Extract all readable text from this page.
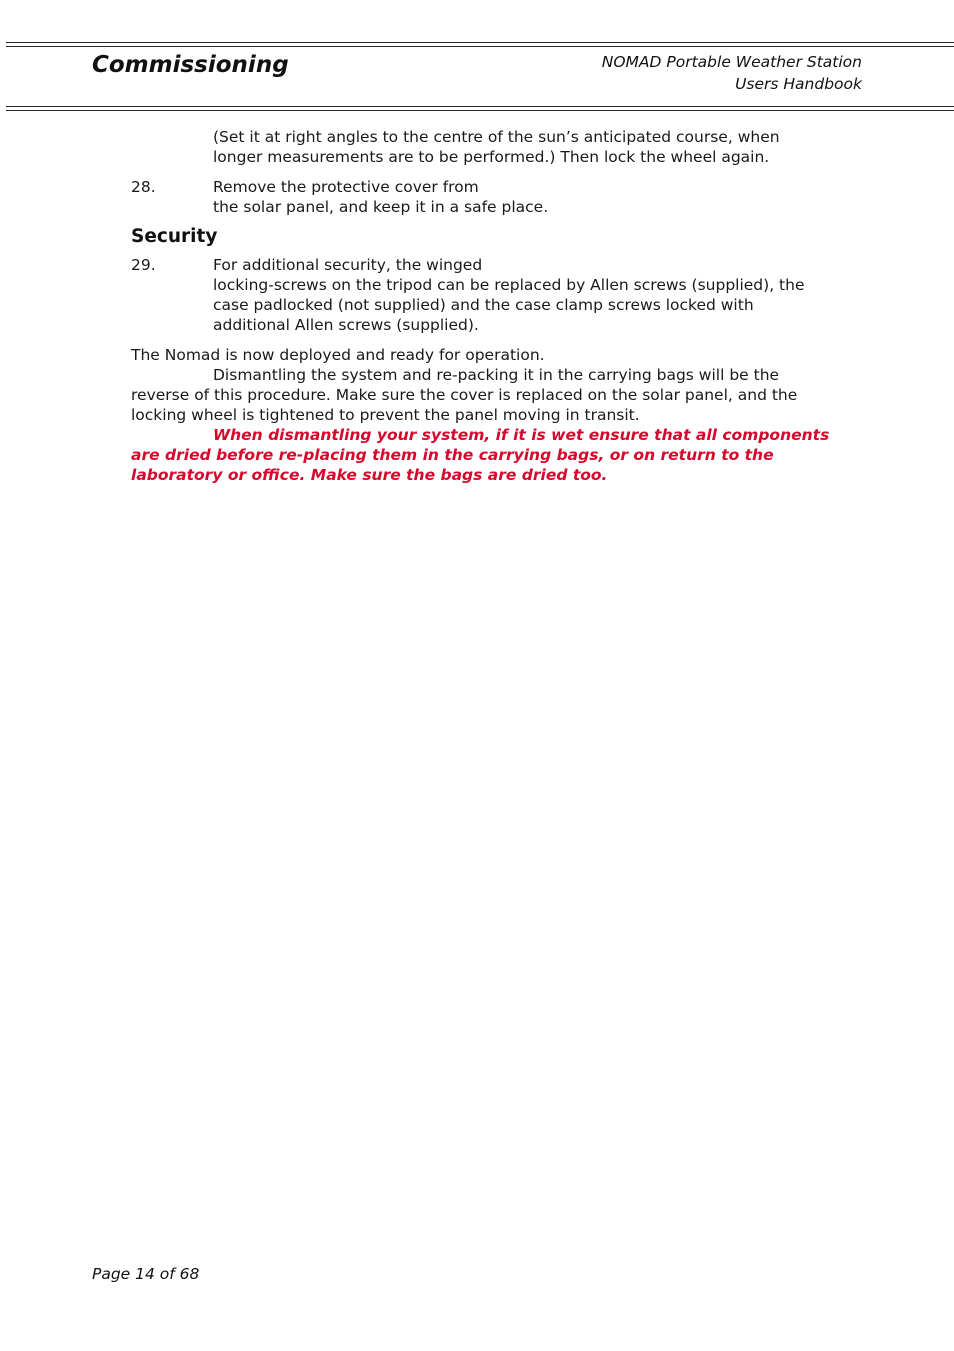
Commissioning	NOMAD Portable Weather Station
Users Handbook
(Set it at right angles to the centre of the sun’s anticipated course, when longer measurements are to be performed.) Then lock the wheel again.
28.	Remove the protective cover from
the solar panel, and keep it in a safe place.
Security
29.	For additional security, the winged
locking-screws on the tripod can be replaced by Allen screws (supplied), the case padlocked (not supplied) and the case clamp screws locked with additional Allen screws (supplied).
The Nomad is now deployed and ready for operation.
Dismantling the system and re-packing it in the carrying bags will be the reverse of this procedure. Make sure the cover is replaced on the solar panel, and the locking wheel is tightened to prevent the panel moving in transit.
When dismantling your system, if it is wet ensure that all components are dried before re-placing them in the carrying bags, or on return to the laboratory or office. Make sure the bags are dried too.
Page 14 of 68
